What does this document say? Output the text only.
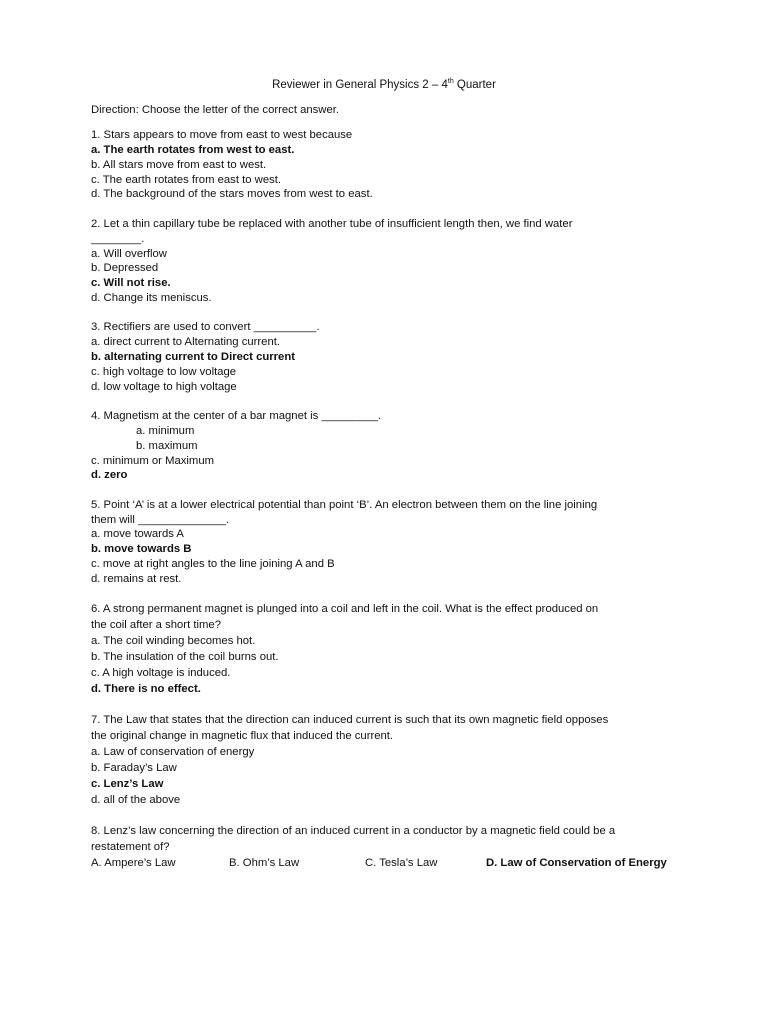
Reviewer in General Physics 2 – 4th Quarter
Direction: Choose the letter of the correct answer.
1. Stars appears to move from east to west because
a. The earth rotates from west to east.
b. All stars move from east to west.
c. The earth rotates from east to west.
d. The background of the stars moves from west to east.
2. Let a thin capillary tube be replaced with another tube of insufficient length then, we find water
________.
a. Will overflow
b. Depressed
c. Will not rise.
d. Change its meniscus.
3. Rectifiers are used to convert __________.
a. direct current to Alternating current.
b. alternating current to Direct current
c. high voltage to low voltage
d. low voltage to high voltage
4. Magnetism at the center of a bar magnet is _________.
a. minimum
b. maximum
c. minimum or Maximum
d. zero
5. Point ‘A’ is at a lower electrical potential than point ‘B’. An electron between them on the line joining
them will ______________.
a. move towards A
b. move towards B
c. move at right angles to the line joining A and B
d. remains at rest.
6. A strong permanent magnet is plunged into a coil and left in the coil. What is the effect produced on
the coil after a short time?
a. The coil winding becomes hot.
b. The insulation of the coil burns out.
c. A high voltage is induced.
d. There is no effect.
7. The Law that states that the direction can induced current is such that its own magnetic field opposes
the original change in magnetic flux that induced the current.
a. Law of conservation of energy
b. Faraday’s Law
c. Lenz’s Law
d. all of the above
8. Lenz’s law concerning the direction of an induced current in a conductor by a magnetic field could be a
restatement of?
A. Ampere’s Law	B. Ohm’s Law	C. Tesla’s Law	D. Law of Conservation of Energy
